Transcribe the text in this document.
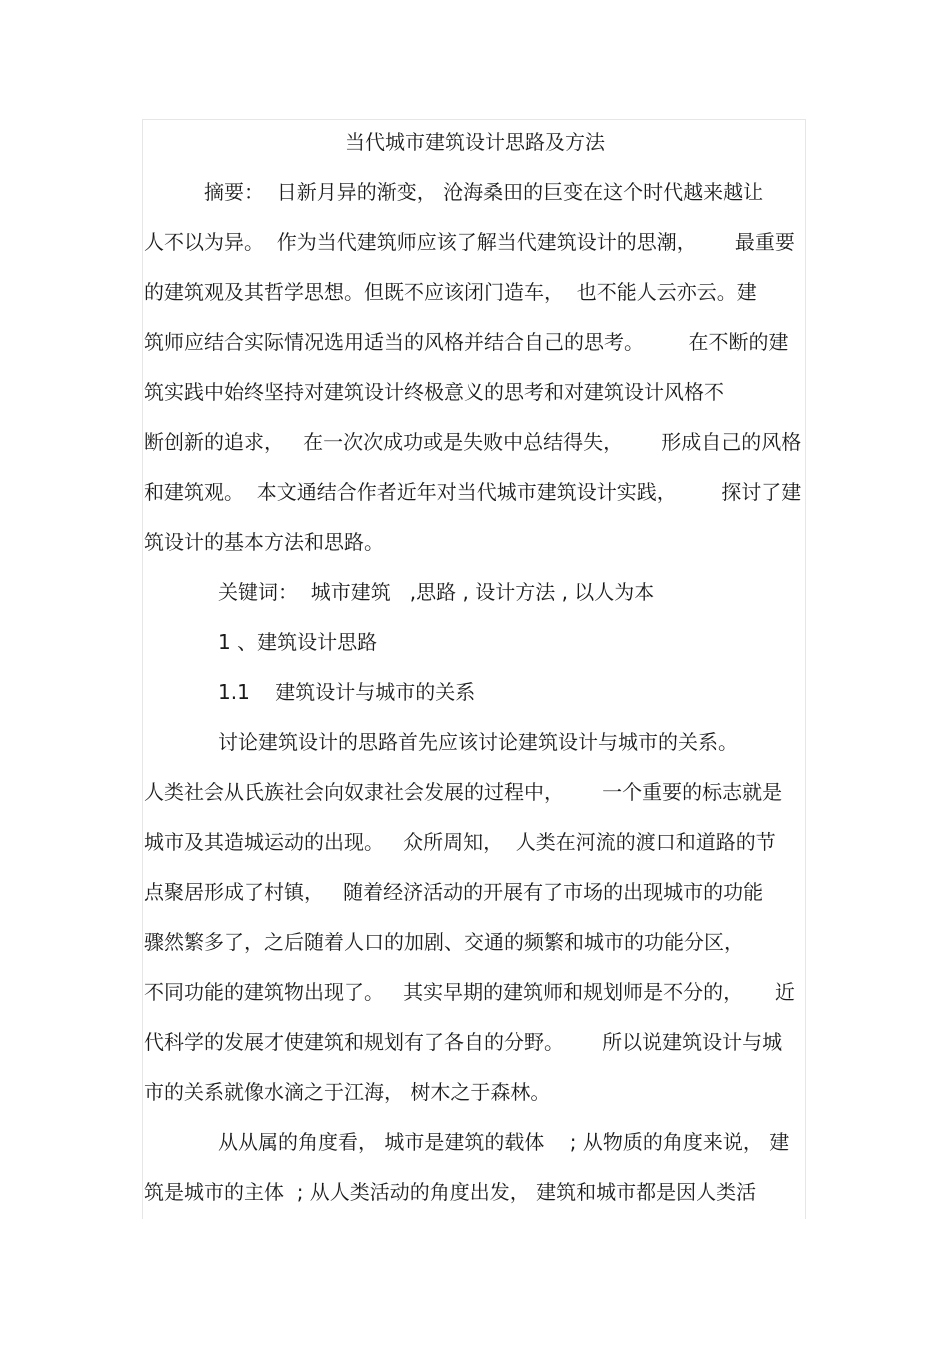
当代城市建筑设计思路及方法
摘要：  日新月异的渐变， 沧海桑田的巨变在这个时代越来越让
人不以为异。  作为当代建筑师应该了解当代建筑设计的思潮，      最重要
的建筑观及其哲学思想。但既不应该闭门造车，  也不能人云亦云。建
筑师应结合实际情况选用适当的风格并结合自己的思考。       在不断的建
筑实践中始终坚持对建筑设计终极意义的思考和对建筑设计风格不
断创新的追求，   在一次次成功或是失败中总结得失，      形成自己的风格
和建筑观。  本文通结合作者近年对当代城市建筑设计实践，       探讨了建
筑设计的基本方法和思路。
关键词：  城市建筑   ,思路 , 设计方法 , 以人为本
1 、建筑设计思路
1.1    建筑设计与城市的关系
讨论建筑设计的思路首先应该讨论建筑设计与城市的关系。
人类社会从氏族社会向奴隶社会发展的过程中，      一个重要的标志就是
城市及其造城运动的出现。   众所周知，  人类在河流的渡口和道路的节
点聚居形成了村镇，   随着经济活动的开展有了市场的出现城市的功能
骤然繁多了，之后随着人口的加剧、交通的频繁和城市的功能分区，
不同功能的建筑物出现了。   其实早期的建筑师和规划师是不分的，     近
代科学的发展才使建筑和规划有了各自的分野。      所以说建筑设计与城
市的关系就像水滴之于江海， 树木之于森林。
从从属的角度看， 城市是建筑的载体    ; 从物质的角度来说， 建
筑是城市的主体  ; 从人类活动的角度出发， 建筑和城市都是因人类活
